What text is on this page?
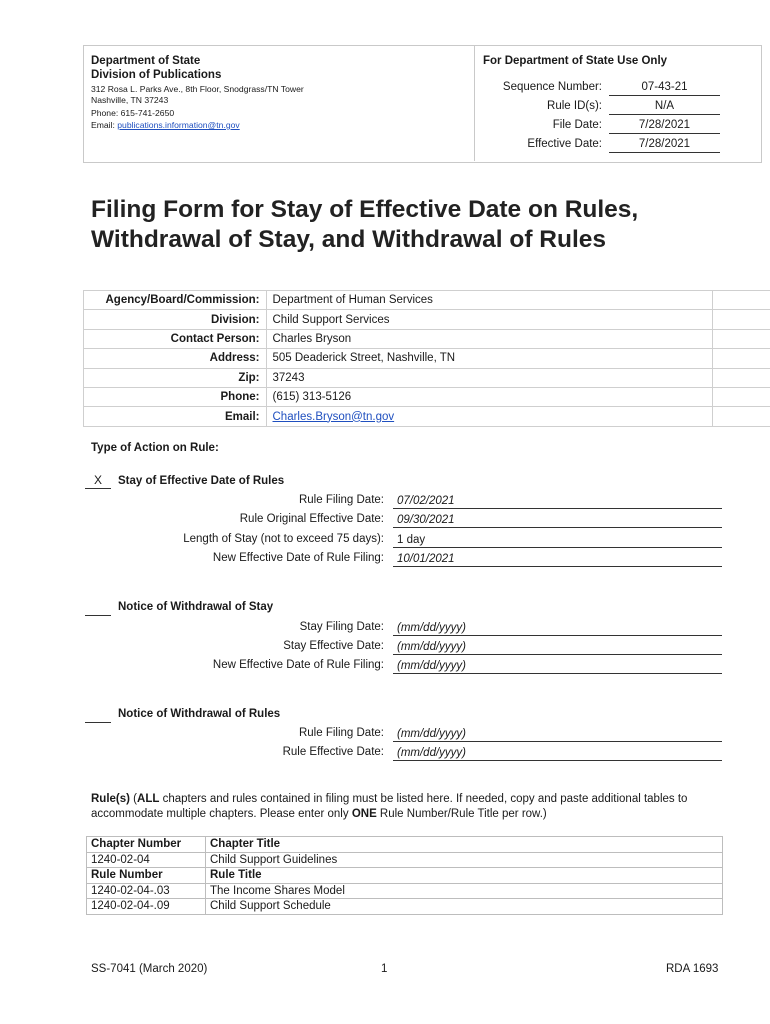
Department of State
Division of Publications
312 Rosa L. Parks Ave., 8th Floor, Snodgrass/TN Tower
Nashville, TN 37243
Phone: 615-741-2650
Email: publications.information@tn.gov
For Department of State Use Only
Sequence Number:	07-43-21
Rule ID(s):	N/A
File Date:	7/28/2021
Effective Date:	7/28/2021
Filing Form for Stay of Effective Date on Rules,
Withdrawal of Stay, and Withdrawal of Rules
Agency/Board/Commission:	Department of Human Services	
Division:	Child Support Services	
Contact Person:	Charles Bryson	
Address:	505 Deaderick Street, Nashville, TN	
Zip:	37243	
Phone:	(615) 313-5126	
Email:	Charles.Bryson@tn.gov	
Type of Action on Rule:
X	Stay of Effective Date of Rules
Rule Filing Date:	07/02/2021
Rule Original Effective Date:	09/30/2021
Length of Stay (not to exceed 75 days):	1 day
New Effective Date of Rule Filing:	10/01/2021
Notice of Withdrawal of Stay
Stay Filing Date:	(mm/dd/yyyy)
Stay Effective Date:	(mm/dd/yyyy)
New Effective Date of Rule Filing:	(mm/dd/yyyy)
Notice of Withdrawal of Rules
Rule Filing Date:	(mm/dd/yyyy)
Rule Effective Date:	(mm/dd/yyyy)
Rule(s) (ALL chapters and rules contained in filing must be listed here. If needed, copy and paste additional tables to accommodate multiple chapters. Please enter only ONE Rule Number/Rule Title per row.)
Chapter Number	Chapter Title
1240-02-04	Child Support Guidelines
Rule Number	Rule Title
1240-02-04-.03	The Income Shares Model
1240-02-04-.09	Child Support Schedule
SS-7041 (March 2020)	1	RDA 1693
